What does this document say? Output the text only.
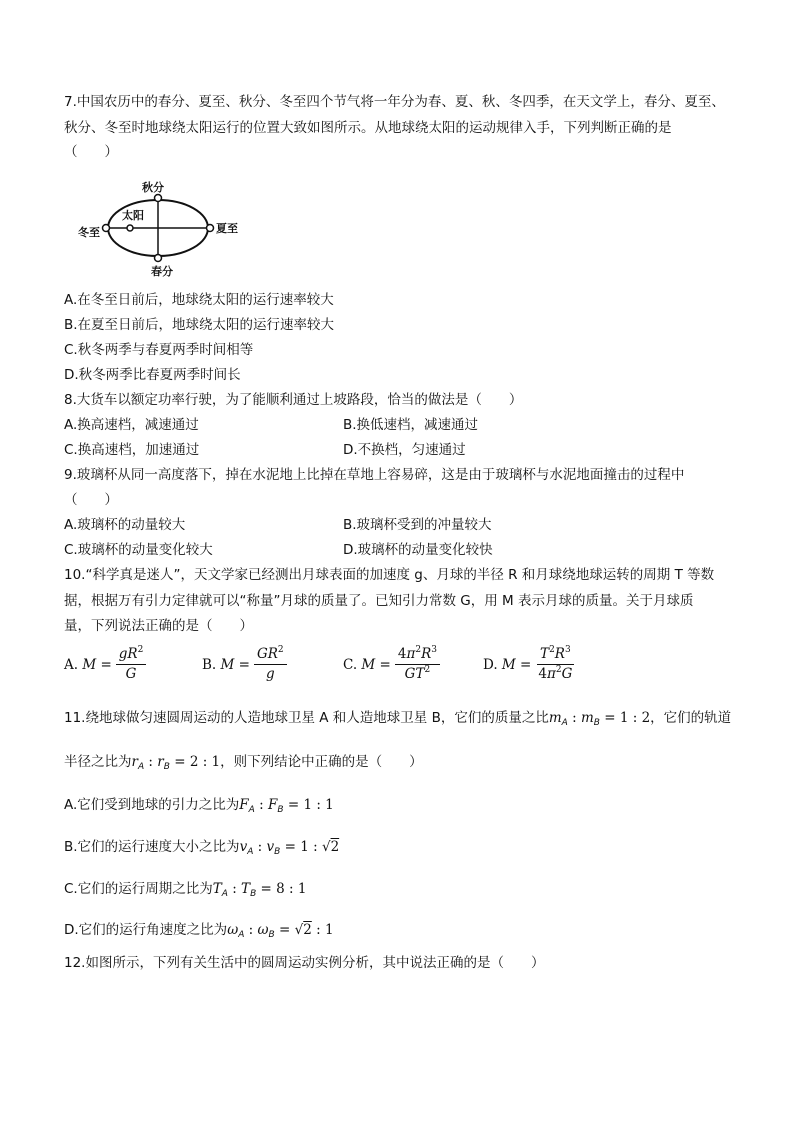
7.中国农历中的春分、夏至、秋分、冬至四个节气将一年分为春、夏、秋、冬四季，在天文学上，春分、夏至、
秋分、冬至时地球绕太阳运行的位置大致如图所示。从地球绕太阳的运动规律入手，下列判断正确的是
（　　）
秋分
春分
冬至	夏至
太阳
A.在冬至日前后，地球绕太阳的运行速率较大
B.在夏至日前后，地球绕太阳的运行速率较大
C.秋冬两季与春夏两季时间相等
D.秋冬两季比春夏两季时间长
8.大货车以额定功率行驶，为了能顺利通过上坡路段，恰当的做法是（　　）
A.换高速档，减速通过	B.换低速档，减速通过
C.换高速档，加速通过	D.不换档，匀速通过
9.玻璃杯从同一高度落下，掉在水泥地上比掉在草地上容易碎，这是由于玻璃杯与水泥地面撞击的过程中
（　　）
A.玻璃杯的动量较大	B.玻璃杯受到的冲量较大
C.玻璃杯的动量变化较大	D.玻璃杯的动量变化较快
10.“科学真是迷人”，天文学家已经测出月球表面的加速度 g、月球的半径 R 和月球绕地球运转的周期 T 等数
据，根据万有引力定律就可以“称量”月球的质量了。已知引力常数 G，用 M 表示月球的质量。关于月球质
量，下列说法正确的是（　　）
A. $M = \frac{gR^2}{G}$	B. $M = \frac{GR^2}{g}$	C. $M = \frac{4\pi^2R^3}{GT^2}$	D. $M = \frac{T^2R^3}{4\pi^2G}$
11.绕地球做匀速圆周运动的人造地球卫星 A 和人造地球卫星 B，它们的质量之比$m_A$ : $m_B = 1$ : 2，它们的轨道
半径之比为$r_A$ : $r_B = 2$ : 1，则下列结论中正确的是（　　）
A.它们受到地球的引力之比为$F_A$ : $F_B = 1$ : 1
B.它们的运行速度大小之比为$v_A$ : $v_B = 1$ : √2
C.它们的运行周期之比为$T_A$ : $T_B = 8$ : 1
D.它们的运行角速度之比为$\omega_A$ : $\omega_B = √2$ : 1
12.如图所示，下列有关生活中的圆周运动实例分析，其中说法正确的是（　　）
